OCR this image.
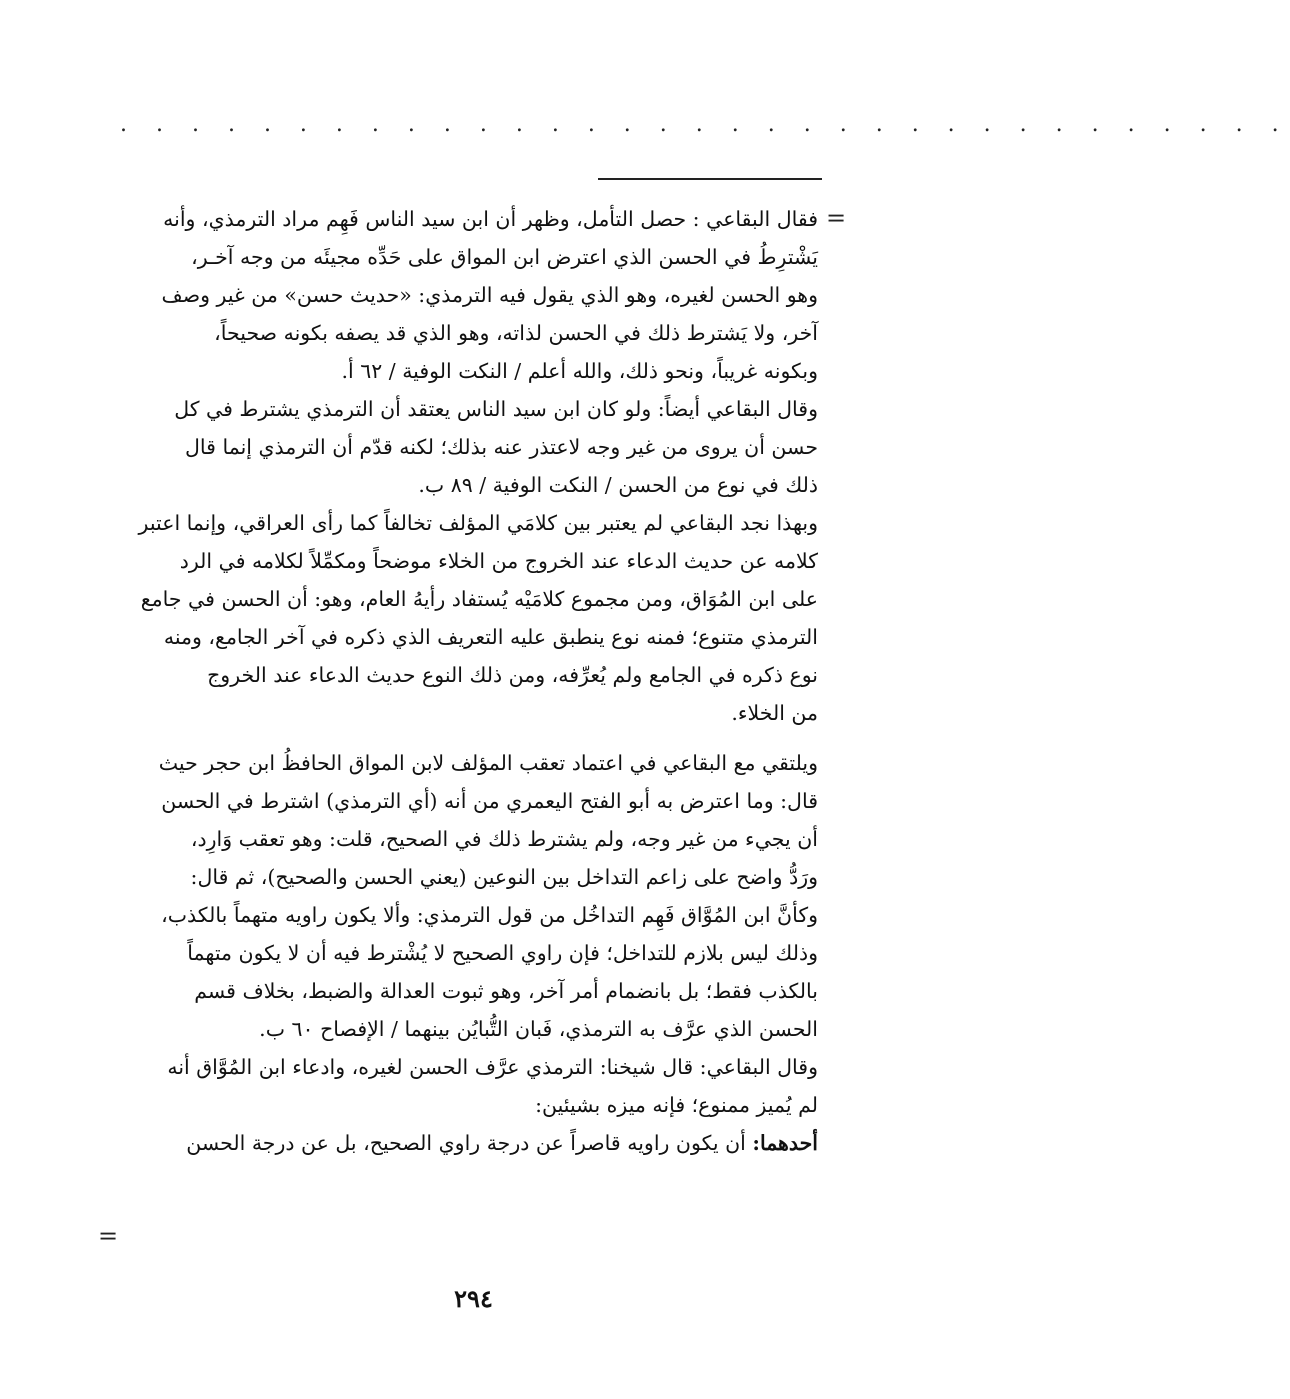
. . . . . . . . . . . . . . . . . . . . . . . . . . . . . . . . .
=
فقال البقاعي : حصل التأمل، وظهر أن ابن سيد الناس فَهِم مراد الترمذي، وأنه
يَشْترِطُ في الحسن الذي اعترض ابن المواق على حَدِّه مجيئَه من وجه آخـر،
وهو الحسن لغيره، وهو الذي يقول فيه الترمذي: «حديث حسن» من غير وصف
آخر، ولا يَشترط ذلك في الحسن لذاته، وهو الذي قد يصفه بكونه صحيحاً،
وبكونه غريباً، ونحو ذلك، والله أعلم / النكت الوفية / ٦٢ أ.
وقال البقاعي أيضاً: ولو كان ابن سيد الناس يعتقد أن الترمذي يشترط في كل
حسن أن يروى من غير وجه لاعتذر عنه بذلك؛ لكنه قدّم أن الترمذي إنما قال
ذلك في نوع من الحسن / النكت الوفية / ٨٩ ب.
وبهذا نجد البقاعي لم يعتبر بين كلامَي المؤلف تخالفاً كما رأى العراقي، وإنما اعتبر
كلامه عن حديث الدعاء عند الخروج من الخلاء موضحاً ومكمِّلاً لكلامه في الرد
على ابن المُوَاق، ومن مجموع كلامَيْه يُستفاد رأيهُ العام، وهو: أن الحسن في جامع
الترمذي متنوع؛ فمنه نوع ينطبق عليه التعريف الذي ذكره في آخر الجامع، ومنه
نوع ذكره في الجامع ولم يُعرِّفه، ومن ذلك النوع حديث الدعاء عند الخروج
من الخلاء.
ويلتقي مع البقاعي في اعتماد تعقب المؤلف لابن المواق الحافظُ ابن حجر حيث
قال: وما اعترض به أبو الفتح اليعمري من أنه (أي الترمذي) اشترط في الحسن
أن يجيء من غير وجه، ولم يشترط ذلك في الصحيح، قلت: وهو تعقب وَارِد،
ورَدُّ واضح على زاعم التداخل بين النوعين (يعني الحسن والصحيح)، ثم قال:
وكأنَّ ابن المُوَّاق فَهِم التداخُل من قول الترمذي: وألا يكون راويه متهماً بالكذب،
وذلك ليس بلازم للتداخل؛ فإن راوي الصحيح لا يُشْترط فيه أن لا يكون متهماً
بالكذب فقط؛ بل بانضمام أمر آخر، وهو ثبوت العدالة والضبط، بخلاف قسم
الحسن الذي عرَّف به الترمذي، فَبان التُّبايُن بينهما / الإفصاح ٦٠ ب.
وقال البقاعي: قال شيخنا: الترمذي عرَّف الحسن لغيره، وادعاء ابن المُوَّاق أنه
لم يُميز ممنوع؛ فإنه ميزه بشيئين:
أحدهما: أن يكون راويه قاصراً عن درجة راوي الصحيح، بل عن درجة الحسن
=
٢٩٤
